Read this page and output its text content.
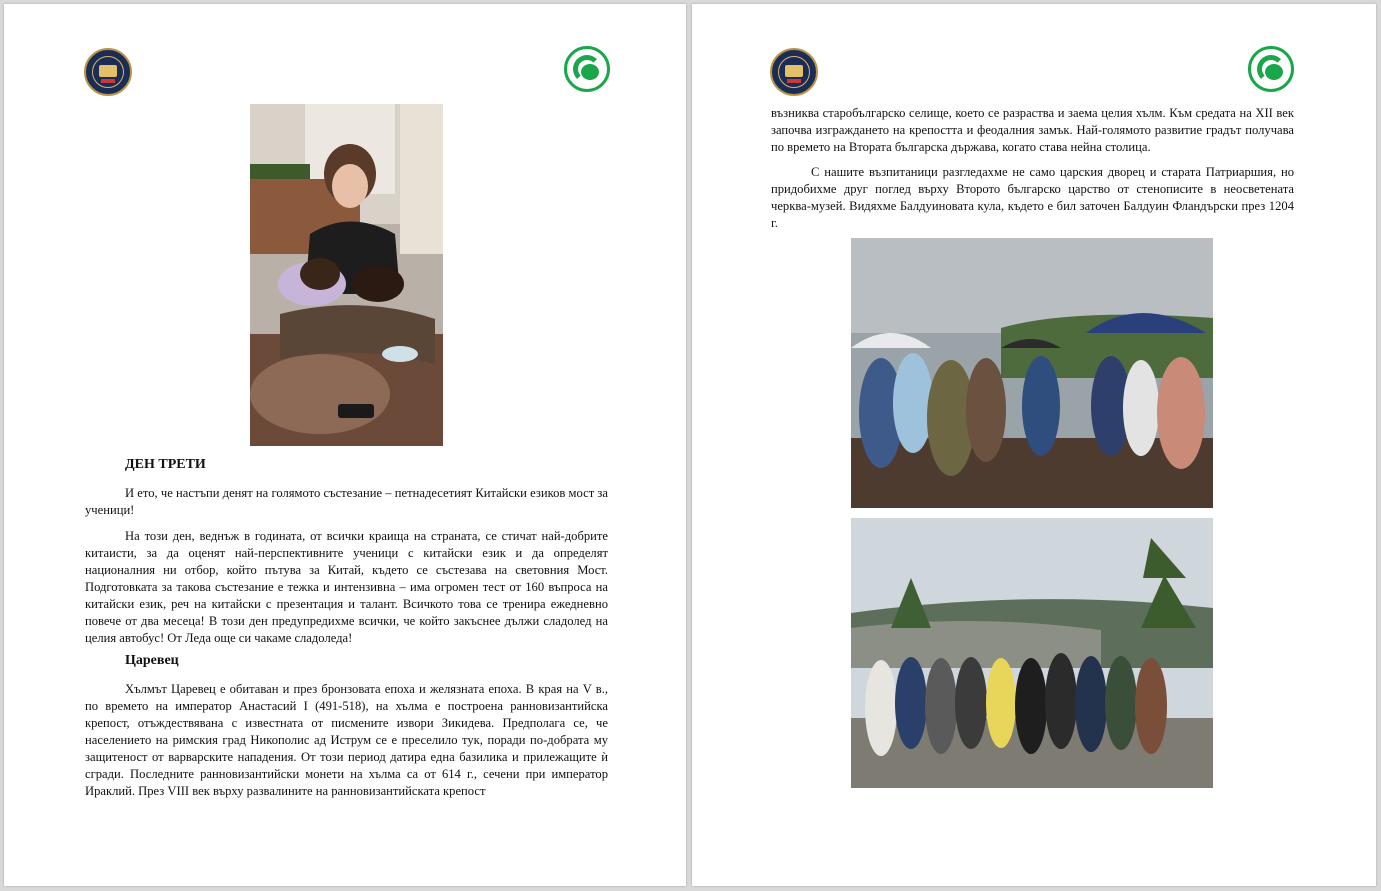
ДЕН ТРЕТИ

И ето, че настъпи денят на голямото състезание – петнадесетият Китайски езиков мост за ученици!

На този ден, веднъж в годината, от всички краища на страната, се стичат най-добрите китаисти, за да оценят най-перспективните ученици с китайски език и да определят националния ни отбор, който пътува за Китай, където се състезава на световния Мост. Подготовката за такова състезание е тежка и интензивна – има огромен тест от 160 въпроса на китайски език, реч на китайски с презентация и талант. Всичкото това се тренира ежедневно повече от два месеца! В този ден предупредихме всички, че който закъснее дължи сладолед на целия автобус! От Леда още си чакаме сладоледа!

Царевец

Хълмът Царевец е обитаван и през бронзовата епоха и желязната епоха. В края на V в., по времето на император Анастасий I (491-518), на хълма е построена ранновизантийска крепост, отъждествявана с известната от писмените извори Зикидева. Предполага се, че населението на римския град Никополис ад Иструм се е преселило тук, поради по-добрата му защитеност от варварските нападения. От този период датира една базилика и прилежащите ѝ сгради. Последните ранновизантийски монети на хълма са от 614 г., сечени при император Ираклий. През VIII век върху развалините на ранновизантийската крепост

възниква старобългарско селище, което се разраства и заема целия хълм. Към средата на XII век започва изграждането на крепостта и феодалния замък. Най-голямото развитие градът получава по времето на Втората българска държава, когато става нейна столица.

С нашите възпитаници разгледахме не само царския дворец и старата Патриаршия, но придобихме друг поглед върху Второто българско царство от стенописите в неосветената черква-музей. Видяхме Балдуиновата кула, където е бил заточен Балдуин Фландърски през 1204 г.
